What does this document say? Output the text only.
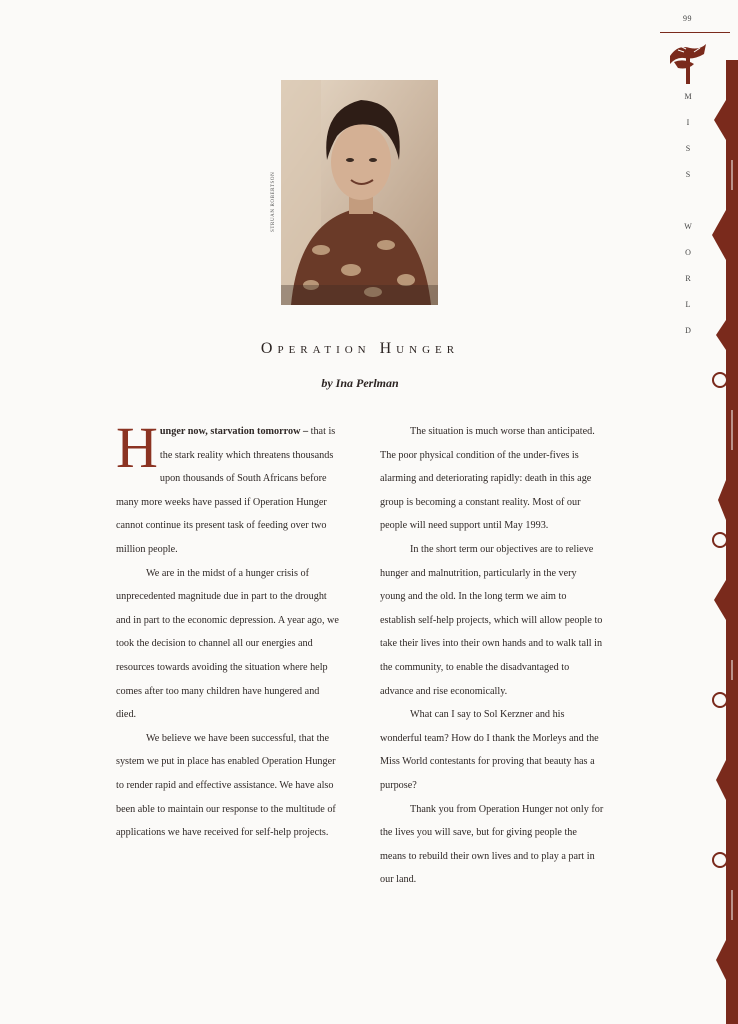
99
M
I
S
S
W
O
R
L
D
STRUAN ROBERTSON
Operation Hunger
by Ina Perlman

Hunger now, starvation tomorrow – that is the stark reality which threatens thousands upon thousands of South Africans before many more weeks have passed if Operation Hunger cannot continue its present task of feeding over two million people.

We are in the midst of a hunger crisis of unprecedented magnitude due in part to the drought and in part to the economic depression. A year ago, we took the decision to channel all our energies and resources towards avoiding the situation where help comes after too many children have hungered and died.

We believe we have been successful, that the system we put in place has enabled Operation Hunger to render rapid and effective assistance. We have also been able to maintain our response to the multitude of applications we have received for self-help projects.

The situation is much worse than anticipated. The poor physical condition of the under-fives is alarming and deteriorating rapidly: death in this age group is becoming a constant reality. Most of our people will need support until May 1993.

In the short term our objectives are to relieve hunger and malnutrition, particularly in the very young and the old. In the long term we aim to establish self-help projects, which will allow people to take their lives into their own hands and to walk tall in the community, to enable the disadvantaged to advance and rise economically.

What can I say to Sol Kerzner and his wonderful team? How do I thank the Morleys and the Miss World contestants for proving that beauty has a purpose?

Thank you from Operation Hunger not only for the lives you will save, but for giving people the means to rebuild their own lives and to play a part in our land.
